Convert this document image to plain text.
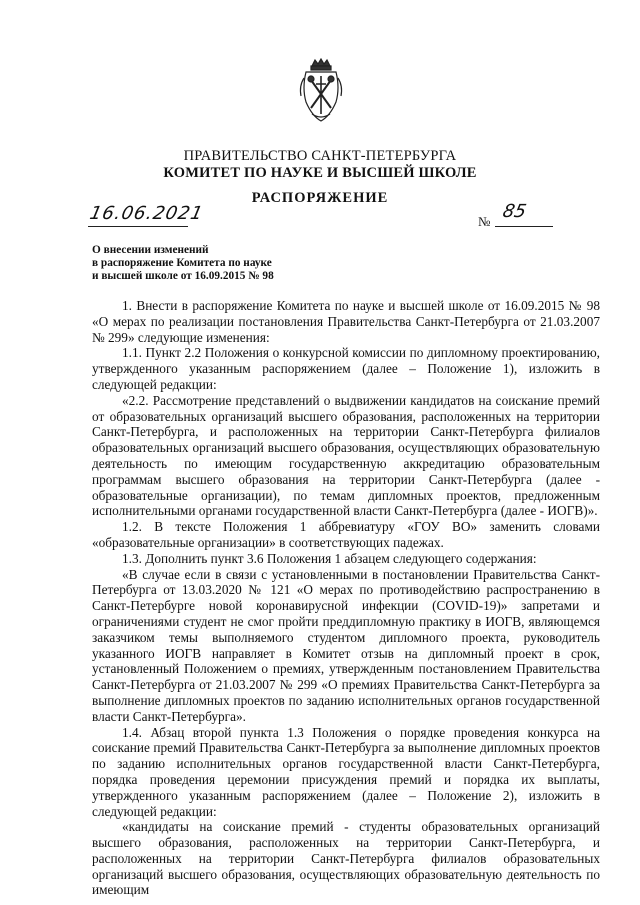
ПРАВИТЕЛЬСТВО САНКТ-ПЕТЕРБУРГА
КОМИТЕТ ПО НАУКЕ И ВЫСШЕЙ ШКОЛЕ
РАСПОРЯЖЕНИЕ
16.06.2021	№ 85
О внесении изменений
в распоряжение Комитета по науке
и высшей школе от 16.09.2015 № 98

1. Внести в распоряжение Комитета по науке и высшей школе от 16.09.2015 № 98 «О мерах по реализации постановления Правительства Санкт-Петербурга от 21.03.2007 № 299» следующие изменения:

1.1. Пункт 2.2 Положения о конкурсной комиссии по дипломному проектированию, утвержденного указанным распоряжением (далее – Положение 1), изложить в следующей редакции:

«2.2. Рассмотрение представлений о выдвижении кандидатов на соискание премий от образовательных организаций высшего образования, расположенных на территории Санкт-Петербурга, и расположенных на территории Санкт-Петербурга филиалов образовательных организаций высшего образования, осуществляющих образовательную деятельность по имеющим государственную аккредитацию образовательным программам высшего образования на территории Санкт-Петербурга (далее - образовательные организации), по темам дипломных проектов, предложенным исполнительными органами государственной власти Санкт-Петербурга (далее - ИОГВ)».

1.2. В тексте Положения 1 аббревиатуру «ГОУ ВО» заменить словами «образовательные организации» в соответствующих падежах.

1.3. Дополнить пункт 3.6 Положения 1 абзацем следующего содержания:

«В случае если в связи с установленными в постановлении Правительства Санкт-Петербурга от 13.03.2020 № 121 «О мерах по противодействию распространению в Санкт-Петербурге новой коронавирусной инфекции (COVID-19)» запретами и ограничениями студент не смог пройти преддипломную практику в ИОГВ, являющемся заказчиком темы выполняемого студентом дипломного проекта, руководитель указанного ИОГВ направляет в Комитет отзыв на дипломный проект в срок, установленный Положением о премиях, утвержденным постановлением Правительства Санкт-Петербурга от 21.03.2007 № 299 «О премиях Правительства Санкт-Петербурга за выполнение дипломных проектов по заданию исполнительных органов государственной власти Санкт-Петербурга».

1.4. Абзац второй пункта 1.3 Положения о порядке проведения конкурса на соискание премий Правительства Санкт-Петербурга за выполнение дипломных проектов по заданию исполнительных органов государственной власти Санкт-Петербурга, порядка проведения церемонии присуждения премий и порядка их выплаты, утвержденного указанным распоряжением (далее – Положение 2), изложить в следующей редакции:

«кандидаты на соискание премий - студенты образовательных организаций высшего образования, расположенных на территории Санкт-Петербурга, и расположенных на территории Санкт-Петербурга филиалов образовательных организаций высшего образования, осуществляющих образовательную деятельность по имеющим
